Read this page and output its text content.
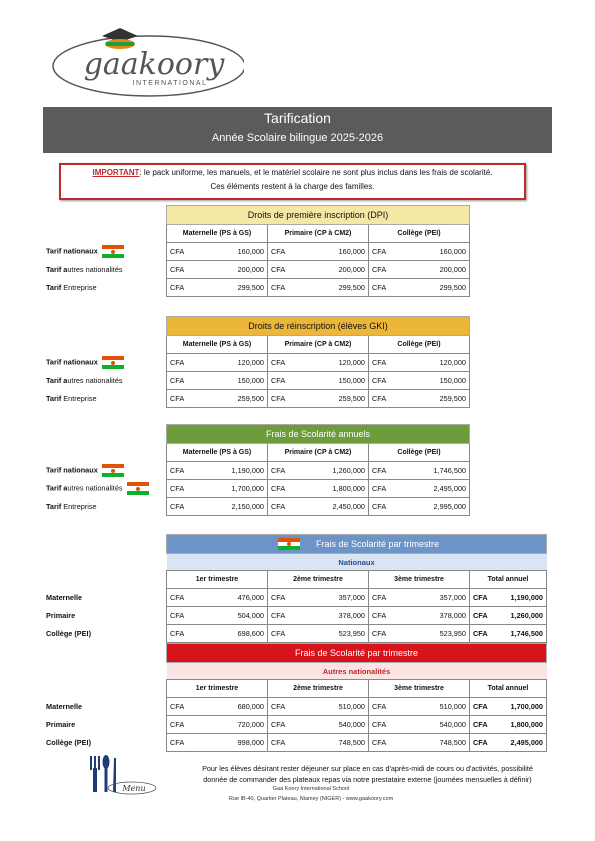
gaakoory
INTERNATIONAL
Tarification
Année Scolaire bilingue 2025-2026
IMPORTANT: le pack uniforme, les manuels, et le matériel scolaire ne sont plus inclus dans les frais de scolarité.
Ces éléments restent à la charge des familles.
	Droits de première inscription (DPI)		
	Maternelle (PS à GS)	Primaire (CP à CM2)	Collège (PEI)
Tarif nationaux	CFA 160,000	CFA 160,000	CFA 160,000

Tarif autres nationalités	CFA 200,000	CFA 200,000	CFA 200,000

Tarif Entreprise	CFA 299,500	CFA 299,500	CFA 299,500
	Droits de réinscription (élèves GKI)		
	Maternelle (PS à GS)	Primaire (CP à CM2)	Collège (PEI)
Tarif nationaux	CFA 120,000	CFA 120,000	CFA 120,000

Tarif autres nationalités	CFA 150,000	CFA 150,000	CFA 150,000

Tarif Entreprise	CFA 259,500	CFA 259,500	CFA 259,500
	Frais de Scolarité annuels		
	Maternelle (PS à GS)	Primaire (CP à CM2)	Collège (PEI)
Tarif nationaux	CFA 1,190,000	CFA 1,260,000	CFA 1,746,500

Tarif autres nationalités	CFA 1,700,000	CFA 1,800,000	CFA 2,495,000

Tarif Entreprise	CFA 2,150,000	CFA 2,450,000	CFA 2,995,000

Frais de Scolarité par trimestre			
	Nationaux			
	1er trimestre	2ème trimestre	3ème trimestre	Total annuel
Maternelle	CFA 476,000	CFA 357,000	CFA 357,000	CFA 1,190,000

Primaire	CFA 504,000	CFA 378,000	CFA 378,000	CFA 1,260,000

Collège (PEI)	CFA 698,600	CFA 523,950	CFA 523,950	CFA 1,746,500
	Frais de Scolarité par trimestre			
	Autres nationalités			
	1er trimestre	2ème trimestre	3ème trimestre	Total annuel
Maternelle	CFA 680,000	CFA 510,000	CFA 510,000	CFA 1,700,000

Primaire	CFA 720,000	CFA 540,000	CFA 540,000	CFA 1,800,000

Collège (PEI)	CFA 998,000	CFA 748,500	CFA 748,500	CFA 2,495,000
Menu
Pour les élèves désirant rester déjeuner sur place en cas d'après-midi de cours ou d'activités, possibilité
donnée de commander des plateaux repas via notre prestataire externe (journées mensuelles à définir)
Gaa Koory International School
Rue IB-40, Quartier Plateau, Niamey (NIGER) - www.gaakoory.com
